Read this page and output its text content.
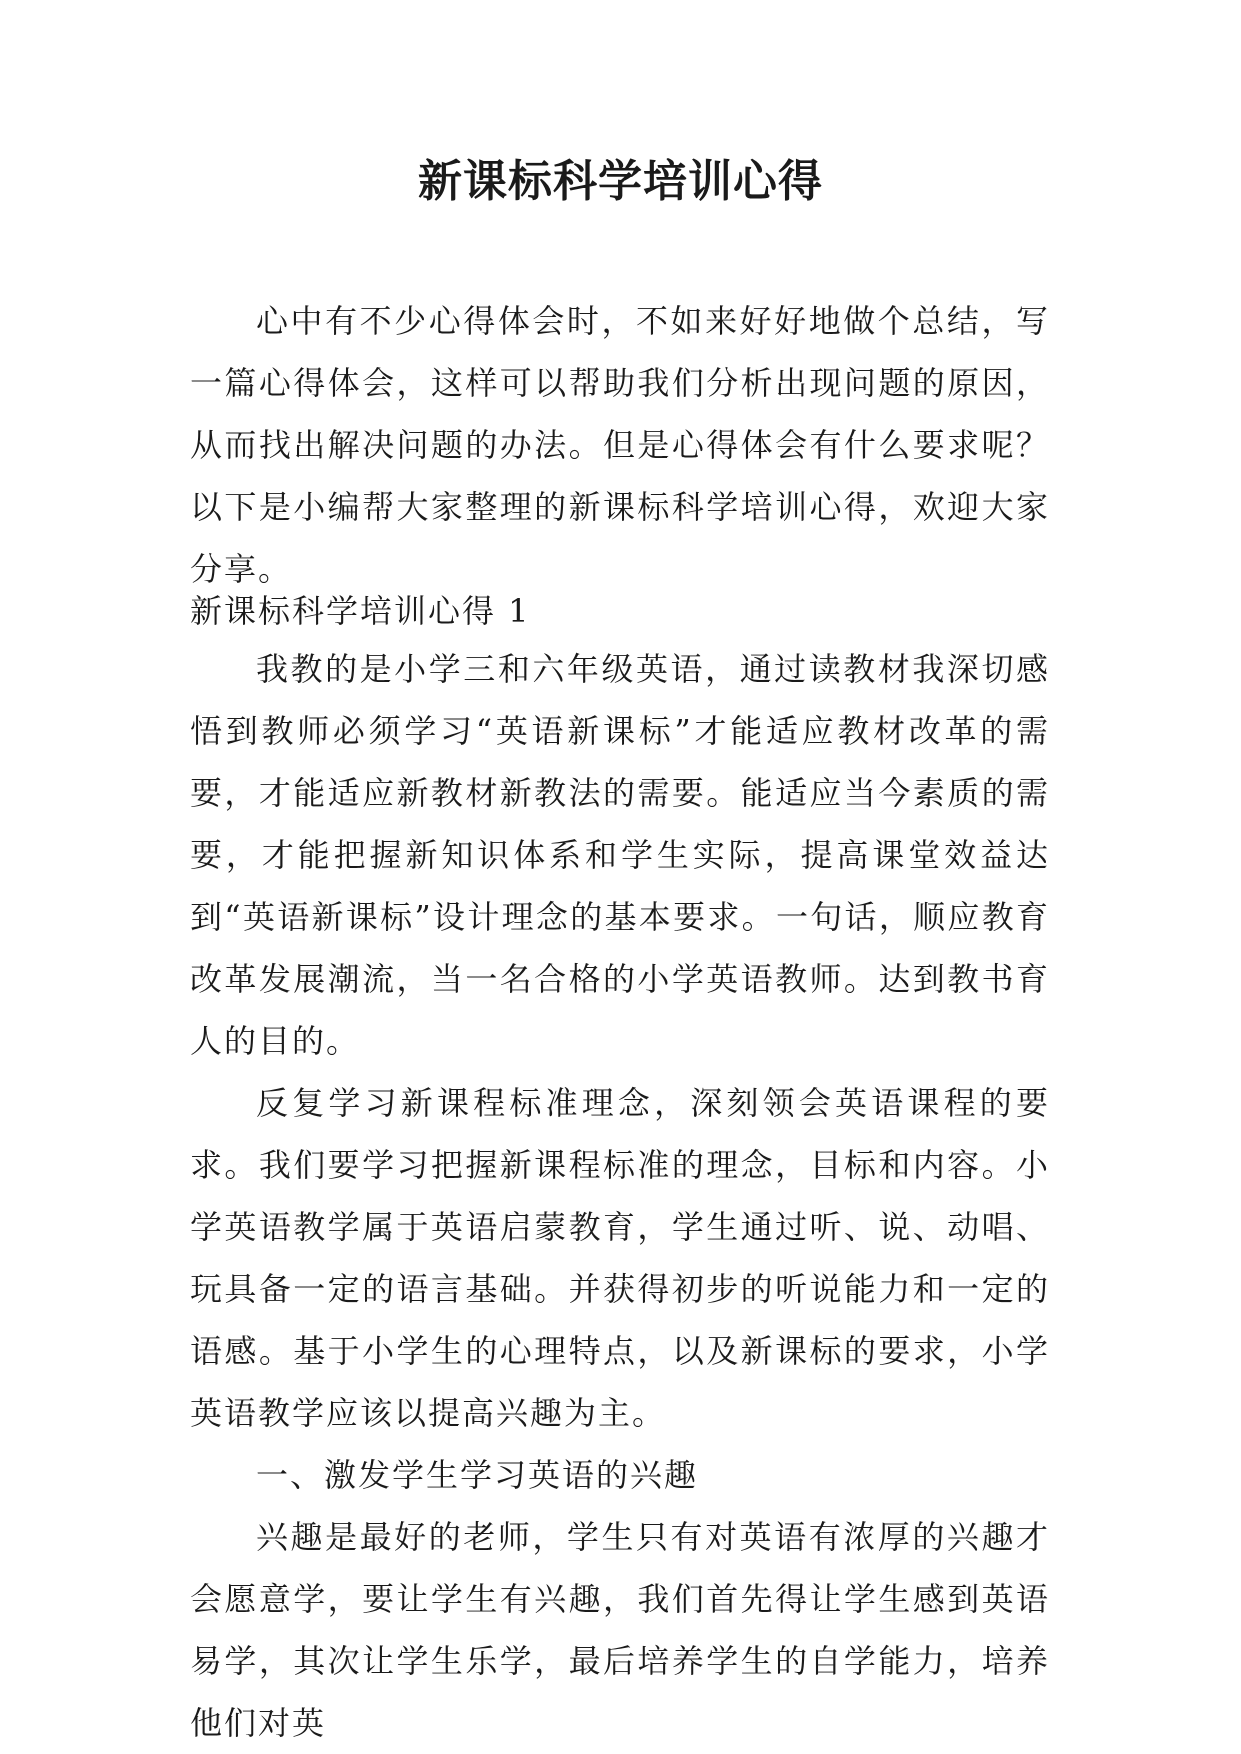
新课标科学培训心得

心中有不少心得体会时，不如来好好地做个总结，写一篇心得体会，这样可以帮助我们分析出现问题的原因，从而找出解决问题的办法。但是心得体会有什么要求呢？以下是小编帮大家整理的新课标科学培训心得，欢迎大家分享。

新课标科学培训心得 1

我教的是小学三和六年级英语，通过读教材我深切感悟到教师必须学习“英语新课标”才能适应教材改革的需要，才能适应新教材新教法的需要。能适应当今素质的需要，才能把握新知识体系和学生实际，提高课堂效益达到“英语新课标”设计理念的基本要求。一句话，顺应教育改革发展潮流，当一名合格的小学英语教师。达到教书育人的目的。

反复学习新课程标准理念，深刻领会英语课程的要求。我们要学习把握新课程标准的理念，目标和内容。小学英语教学属于英语启蒙教育，学生通过听、说、动唱、玩具备一定的语言基础。并获得初步的听说能力和一定的语感。基于小学生的心理特点，以及新课标的要求，小学英语教学应该以提高兴趣为主。

一、激发学生学习英语的兴趣

兴趣是最好的老师，学生只有对英语有浓厚的兴趣才会愿意学，要让学生有兴趣，我们首先得让学生感到英语易学，其次让学生乐学，最后培养学生的自学能力，培养他们对英
